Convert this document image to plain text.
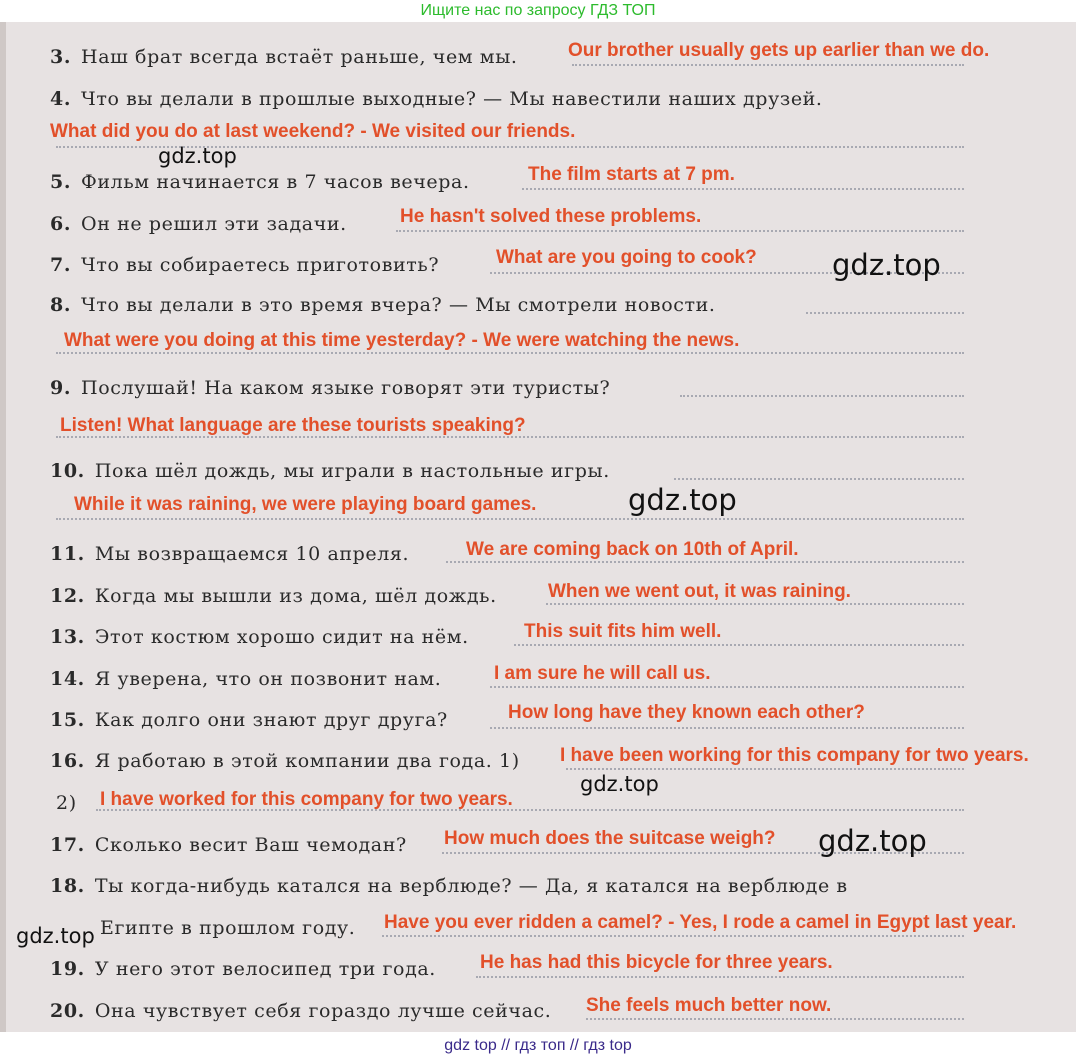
Ищите нас по запросу ГДЗ ТОП
3. Наш брат всегда встаёт раньше, чем мы.
4. Что вы делали в прошлые выходные? — Мы навестили наших друзей.
5. Фильм начинается в 7 часов вечера.
6. Он не решил эти задачи.
7. Что вы собираетесь приготовить?
8. Что вы делали в это время вчера? — Мы смотрели новости.
9. Послушай! На каком языке говорят эти туристы?
10. Пока шёл дождь, мы играли в настольные игры.
11. Мы возвращаемся 10 апреля.
12. Когда мы вышли из дома, шёл дождь.
13. Этот костюм хорошо сидит на нём.
14. Я уверена, что он позвонит нам.
15. Как долго они знают друг друга?
16. Я работаю в этой компании два года. 1)
2)
17. Сколько весит Ваш чемодан?
18. Ты когда-нибудь катался на верблюде? — Да, я катался на верблюде в
Египте в прошлом году.
19. У него этот велосипед три года.
20. Она чувствует себя гораздо лучше сейчас.
Our brother usually gets up earlier than we do.
What did you do at last weekend? - We visited our friends.
The film starts at 7 pm.
He hasn't solved these problems.
What are you going to cook?
What were you doing at this time yesterday? - We were watching the news.
Listen! What language are these tourists speaking?
While it was raining, we were playing board games.
We are coming back on 10th of April.
When we went out, it was raining.
This suit fits him well.
I am sure he will call us.
How long have they known each other?
I have been working for this company for two years.
I have worked for this company for two years.
How much does the suitcase weigh?
Have you ever ridden a camel? - Yes, I rode a camel in Egypt last year.
He has had this bicycle for three years.
She feels much better now.
gdz.top
gdz.top
gdz.top
gdz.top
gdz.top
gdz.top
gdz top // гдз топ // гдз top
